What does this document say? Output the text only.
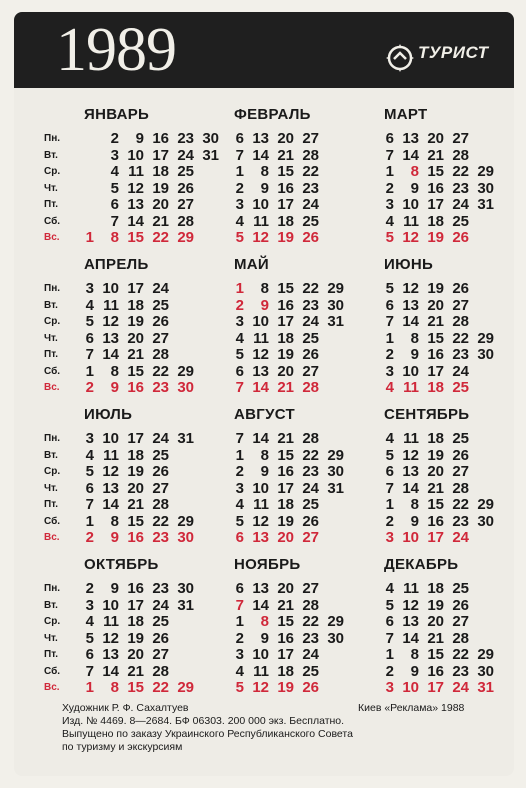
1989	ТУРИСТ
ЯНВАРЬ
Пн.	2	9 16 23 30
Вт.	3 10 17 24 31
Ср.	4 11 18 25
Чт.	5 12 19 26
Пт.	6 13 20 27
Сб.	7 14 21 28
Вс.	1	8 15 22 29
ФЕВРАЛЬ
6 13 20 27
7 14 21 28
1	8 15 22
2	9 16 23
3 10 17 24
4 11 18 25
5 12 19 26
МАРТ
6 13 20 27
7 14 21 28
1	8 15 22 29
2	9 16 23 30
3 10 17 24 31
4 11 18 25
5 12 19 26
АПРЕЛЬ
Пн.	3 10 17 24
Вт.	4 11 18 25
Ср.	5 12 19 26
Чт.	6 13 20 27
Пт.	7 14 21 28
Сб.	1	8 15 22 29
Вс.	2	9 16 23 30
МАЙ
1	8 15 22 29
2	9 16 23 30
3 10 17 24 31
4 11 18 25
5 12 19 26
6 13 20 27
7 14 21 28
ИЮНЬ
5 12 19 26
6 13 20 27
7 14 21 28
1	8 15 22 29
2	9 16 23 30
3 10 17 24
4 11 18 25
ИЮЛЬ
Пн.	3 10 17 24 31
Вт.	4 11 18 25
Ср.	5 12 19 26
Чт.	6 13 20 27
Пт.	7 14 21 28
Сб.	1	8 15 22 29
Вс.	2	9 16 23 30
АВГУСТ
7 14 21 28
1	8 15 22 29
2	9 16 23 30
3 10 17 24 31
4 11 18 25
5 12 19 26
6 13 20 27
СЕНТЯБРЬ
4 11 18 25
5 12 19 26
6 13 20 27
7 14 21 28
1	8 15 22 29
2	9 16 23 30
3 10 17 24
ОКТЯБРЬ
Пн.	2	9 16 23 30
Вт.	3 10 17 24 31
Ср.	4 11 18 25
Чт.	5 12 19 26
Пт.	6 13 20 27
Сб.	7 14 21 28
Вс.	1	8 15 22 29
НОЯБРЬ
6 13 20 27
7 14 21 28
1	8 15 22 29
2	9 16 23 30
3 10 17 24
4 11 18 25
5 12 19 26
ДЕКАБРЬ
4 11 18 25
5 12 19 26
6 13 20 27
7 14 21 28
1	8 15 22 29
2	9 16 23 30
3 10 17 24 31
Художник Р. Ф. Сахалтуев	Киев «Реклама» 1988
Изд. № 4469. 8—2684. БФ 06303. 200 000 экз. Бесплатно.
Выпущено по заказу Украинского Республиканского Совета
по туризму и экскурсиям
